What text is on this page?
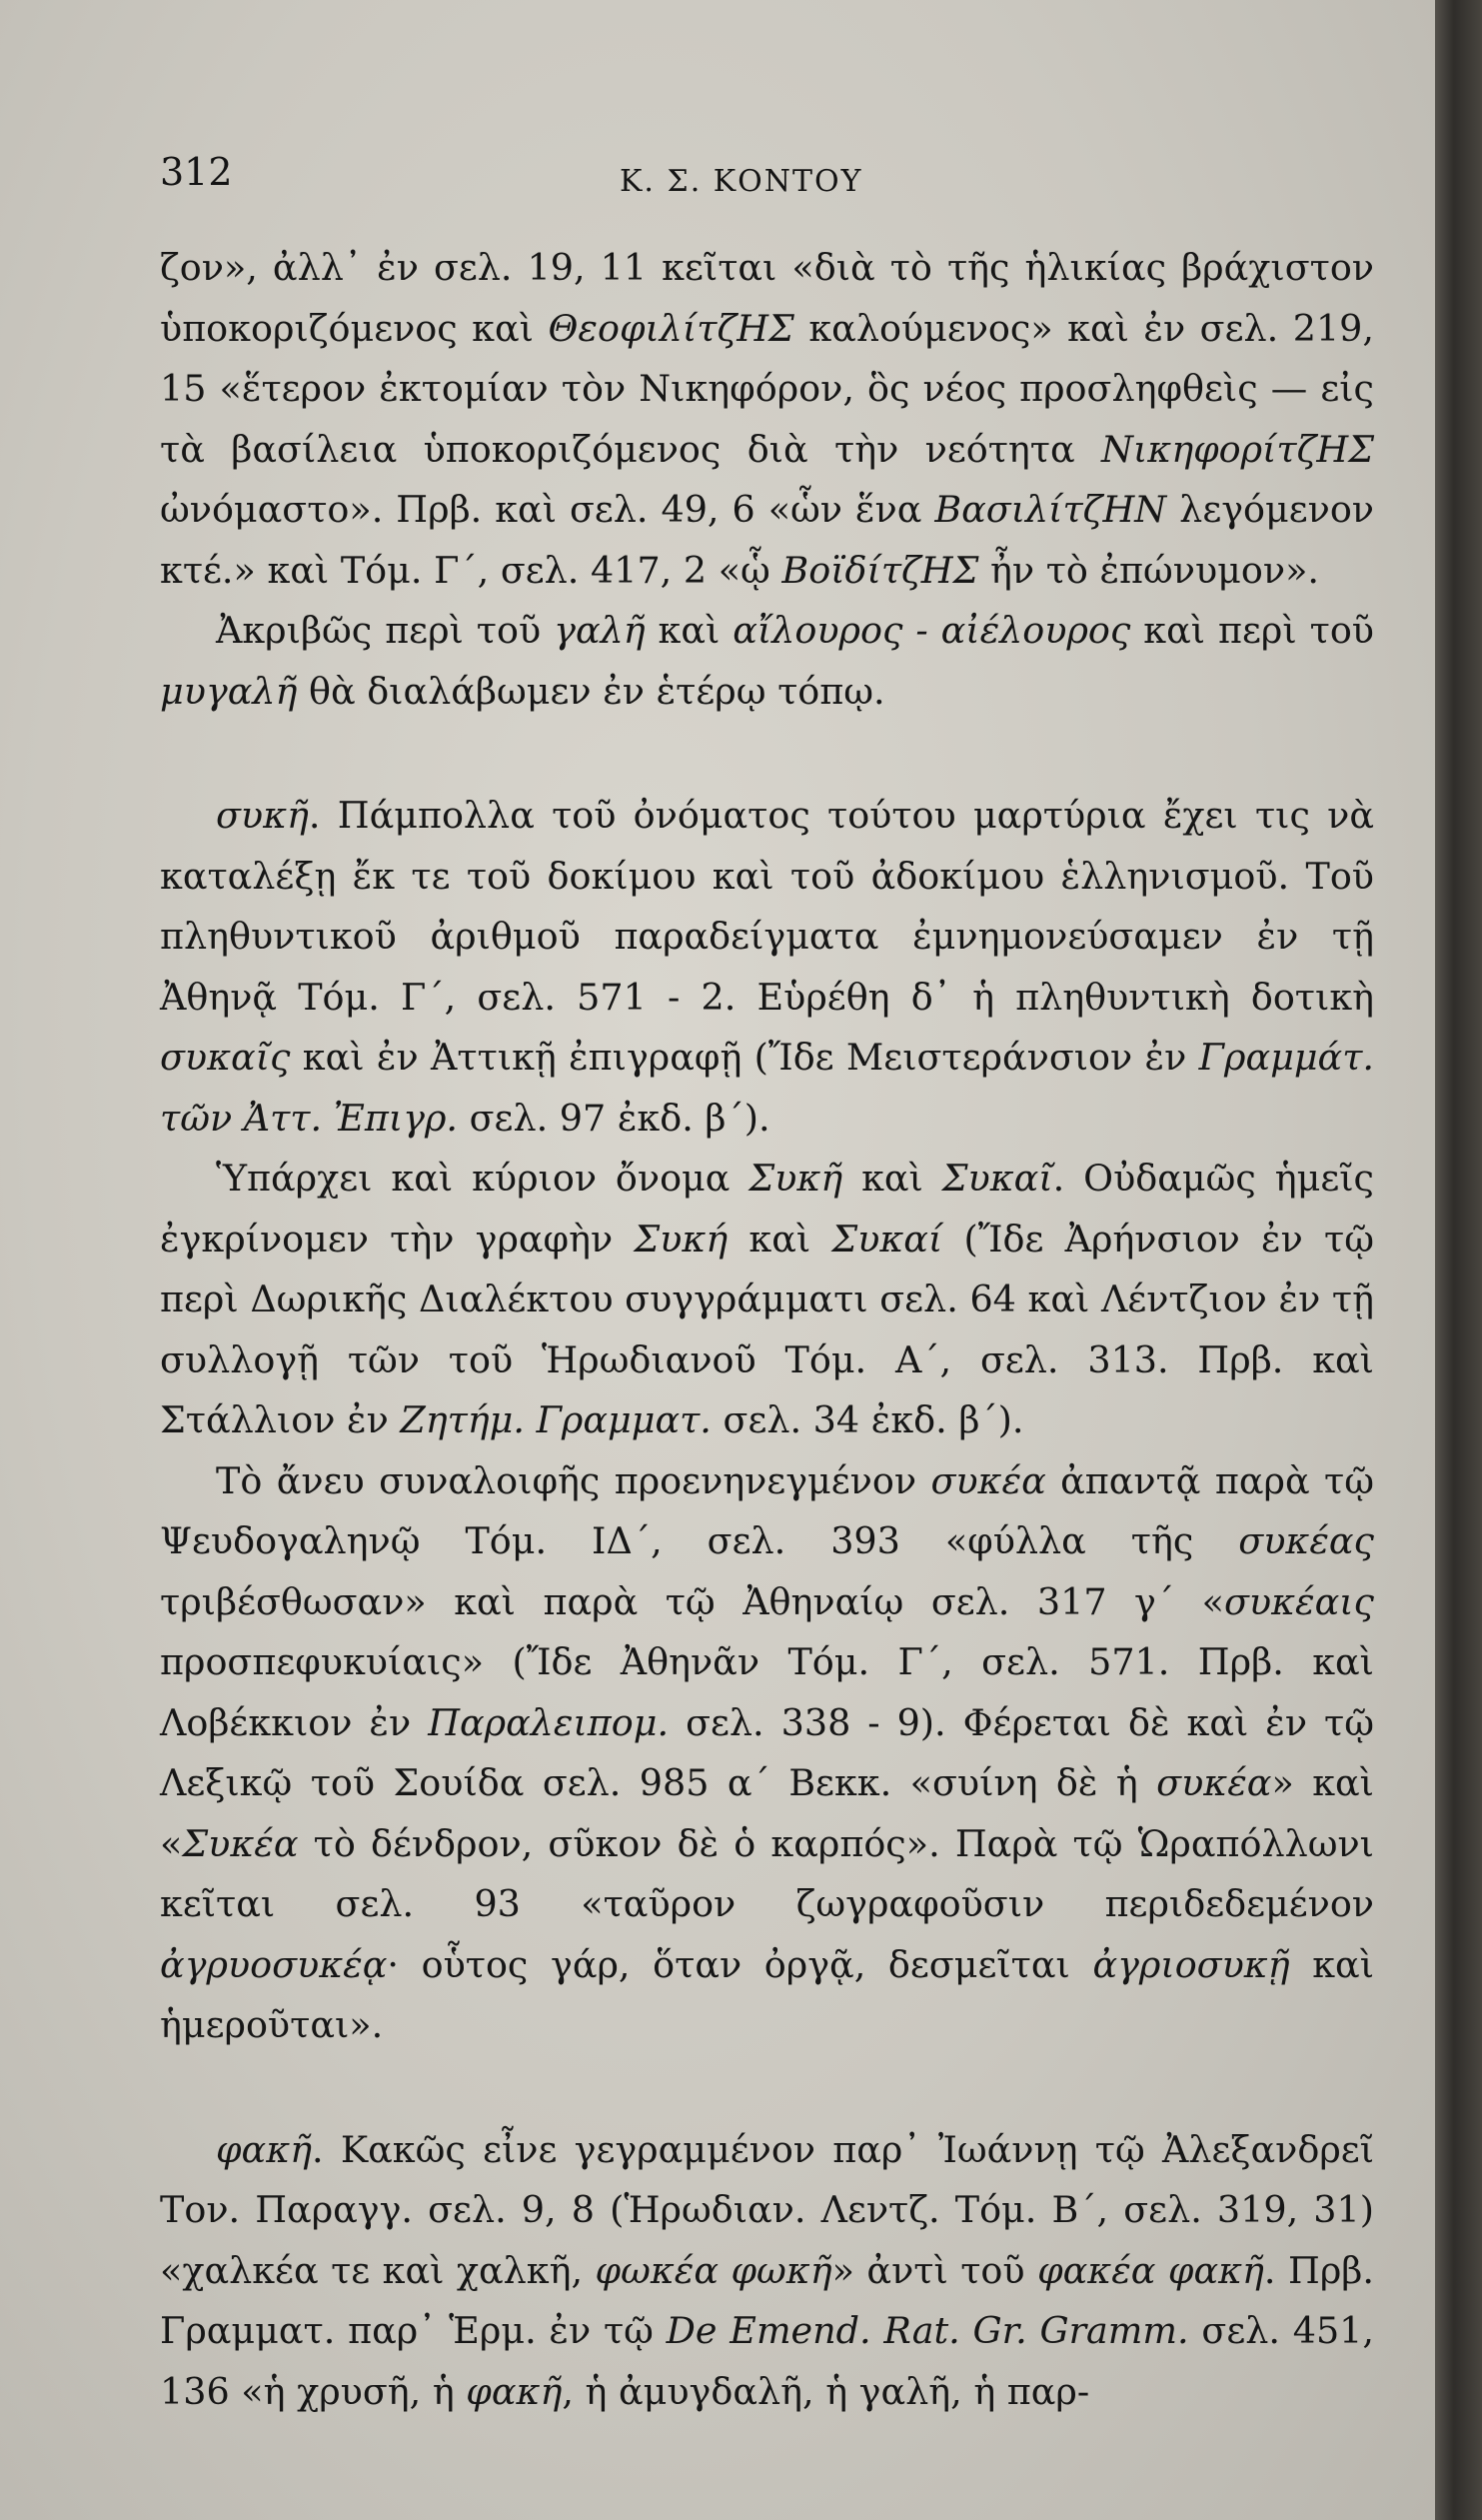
312	Κ. Σ. ΚΟΝΤΟΥ

ζον», ἀλλ᾽ ἐν σελ. 19, 11 κεῖται «διὰ τὸ τῆς ἡλικίας βράχιστον ὑποκοριζόμενος καὶ ΘεοφιλίτζΗΣ καλούμενος» καὶ ἐν σελ. 219, 15 «ἕτερον ἐκτομίαν τὸν Νικηφόρον, ὃς νέος προσληφθεὶς — εἰς τὰ βασίλεια ὑποκοριζόμενος διὰ τὴν νεότητα ΝικηφορίτζΗΣ ὠνόμαστο». Πρβ. καὶ σελ. 49, 6 «ὧν ἕνα ΒασιλίτζΗΝ λεγόμενον κτέ.» καὶ Τόμ. Γ´, σελ. 417, 2 «ᾧ ΒοϊδίτζΗΣ ἦν τὸ ἐπώνυμον».

Ἀκριβῶς περὶ τοῦ γαλῆ καὶ αἴλουρος - αἰέλουρος καὶ περὶ τοῦ μυγαλῆ θὰ διαλάβωμεν ἐν ἑτέρῳ τόπῳ.

συκῆ. Πάμπολλα τοῦ ὀνόματος τούτου μαρτύρια ἔχει τις νὰ καταλέξῃ ἔκ τε τοῦ δοκίμου καὶ τοῦ ἀδοκίμου ἑλληνισμοῦ. Τοῦ πληθυντικοῦ ἀριθμοῦ παραδείγματα ἐμνημονεύσαμεν ἐν τῇ Ἀθηνᾷ Τόμ. Γ´, σελ. 571 - 2. Εὑρέθη δ᾽ ἡ πληθυντικὴ δοτικὴ συκαῖς καὶ ἐν Ἀττικῇ ἐπιγραφῇ (Ἴδε Μειστεράνσιον ἐν Γραμμάτ. τῶν Ἀττ. Ἐπιγρ. σελ. 97 ἐκδ. β´).

Ὑπάρχει καὶ κύριον ὄνομα Συκῆ καὶ Συκαῖ. Οὐδαμῶς ἡμεῖς ἐγκρίνομεν τὴν γραφὴν Συκή καὶ Συκαί (Ἴδε Ἀρήνσιον ἐν τῷ περὶ Δωρικῆς Διαλέκτου συγγράμματι σελ. 64 καὶ Λέντζιον ἐν τῇ συλλογῇ τῶν τοῦ Ἡρωδιανοῦ Τόμ. Α´, σελ. 313. Πρβ. καὶ Στάλλιον ἐν Ζητήμ. Γραμματ. σελ. 34 ἐκδ. β´).

Τὸ ἄνευ συναλοιφῆς προενηνεγμένον συκέα ἀπαντᾷ παρὰ τῷ Ψευδογαληνῷ Τόμ. ΙΔ´, σελ. 393 «φύλλα τῆς συκέας τριβέσθωσαν» καὶ παρὰ τῷ Ἀθηναίῳ σελ. 317 γ´ «συκέαις προσπεφυκυίαις» (Ἴδε Ἀθηνᾶν Τόμ. Γ´, σελ. 571. Πρβ. καὶ Λοβέκκιον ἐν Παραλειπομ. σελ. 338 - 9). Φέρεται δὲ καὶ ἐν τῷ Λεξικῷ τοῦ Σουίδα σελ. 985 α´ Βεκκ. «συίνη δὲ ἡ συκέα» καὶ «Συκέα τὸ δένδρον, σῦκον δὲ ὁ καρπός». Παρὰ τῷ Ὡραπόλλωνι κεῖται σελ. 93 «ταῦρον ζωγραφοῦσιν περιδεδεμένον ἀγρυοσυκέᾳ· οὗτος γάρ, ὅταν ὀργᾷ, δεσμεῖται ἀγριοσυκῇ καὶ ἡμεροῦται».

φακῆ. Κακῶς εἶνε γεγραμμένον παρ᾽ Ἰωάννῃ τῷ Ἀλεξανδρεῖ Τον. Παραγγ. σελ. 9, 8 (Ἡρωδιαν. Λεντζ. Τόμ. Β´, σελ. 319, 31) «χαλκέα τε καὶ χαλκῆ, φωκέα φωκῆ» ἀντὶ τοῦ φακέα φακῆ. Πρβ. Γραμματ. παρ᾽ Ἑρμ. ἐν τῷ De Emend. Rat. Gr. Gramm. σελ. 451, 136 «ἡ χρυσῆ, ἡ φακῆ, ἡ ἀμυγδαλῆ, ἡ γαλῆ, ἡ παρ-
